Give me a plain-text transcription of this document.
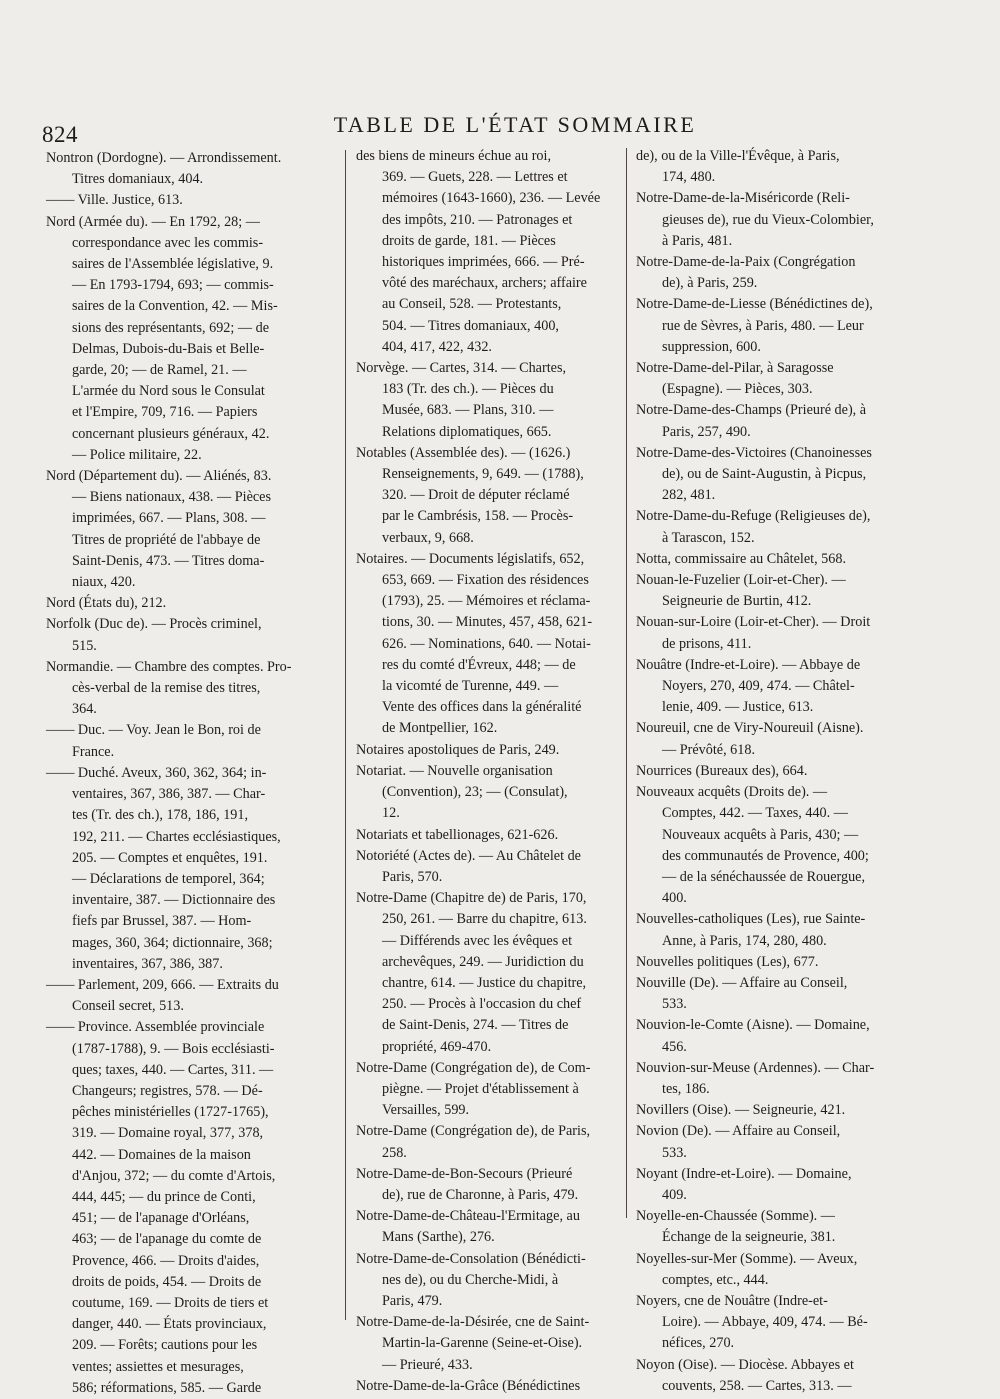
824	TABLE DE L'ÉTAT SOMMAIRE

Nontron (Dordogne). — Arrondissement.

Titres domaniaux, 404.

—— Ville. Justice, 613.

Nord (Armée du). — En 1792, 28; —

correspondance avec les commis-

saires de l'Assemblée législative, 9.

— En 1793-1794, 693; — commis-

saires de la Convention, 42. — Mis-

sions des représentants, 692; — de

Delmas, Dubois-du-Bais et Belle-

garde, 20; — de Ramel, 21. —

L'armée du Nord sous le Consulat

et l'Empire, 709, 716. — Papiers

concernant plusieurs généraux, 42.

— Police militaire, 22.

Nord (Département du). — Aliénés, 83.

— Biens nationaux, 438. — Pièces

imprimées, 667. — Plans, 308. —

Titres de propriété de l'abbaye de

Saint-Denis, 473. — Titres doma-

niaux, 420.

Nord (États du), 212.

Norfolk (Duc de). — Procès criminel,

515.

Normandie. — Chambre des comptes. Pro-

cès-verbal de la remise des titres,

364.

—— Duc. — Voy. Jean le Bon, roi de

France.

—— Duché. Aveux, 360, 362, 364; in-

ventaires, 367, 386, 387. — Char-

tes (Tr. des ch.), 178, 186, 191,

192, 211. — Chartes ecclésiastiques,

205. — Comptes et enquêtes, 191.

— Déclarations de temporel, 364;

inventaire, 387. — Dictionnaire des

fiefs par Brussel, 387. — Hom-

mages, 360, 364; dictionnaire, 368;

inventaires, 367, 386, 387.

—— Parlement, 209, 666. — Extraits du

Conseil secret, 513.

—— Province. Assemblée provinciale

(1787-1788), 9. — Bois ecclésiasti-

ques; taxes, 440. — Cartes, 311. —

Changeurs; registres, 578. — Dé-

pêches ministérielles (1727-1765),

319. — Domaine royal, 377, 378,

442. — Domaines de la maison

d'Anjou, 372; — du comte d'Artois,

444, 445; — du prince de Conti,

451; — de l'apanage d'Orléans,

463; — de l'apanage du comte de

Provence, 466. — Droits d'aides,

droits de poids, 454. — Droits de

coutume, 169. — Droits de tiers et

danger, 440. — États provinciaux,

209. — Forêts; cautions pour les

ventes; assiettes et mesurages,

586; réformations, 585. — Garde

des biens de mineurs échue au roi,

369. — Guets, 228. — Lettres et

mémoires (1643-1660), 236. — Levée

des impôts, 210. — Patronages et

droits de garde, 181. — Pièces

historiques imprimées, 666. — Pré-

vôté des maréchaux, archers; affaire

au Conseil, 528. — Protestants,

504. — Titres domaniaux, 400,

404, 417, 422, 432.

Norvège. — Cartes, 314. — Chartes,

183 (Tr. des ch.). — Pièces du

Musée, 683. — Plans, 310. —

Relations diplomatiques, 665.

Notables (Assemblée des). — (1626.)

Renseignements, 9, 649. — (1788),

320. — Droit de députer réclamé

par le Cambrésis, 158. — Procès-

verbaux, 9, 668.

Notaires. — Documents législatifs, 652,

653, 669. — Fixation des résidences

(1793), 25. — Mémoires et réclama-

tions, 30. — Minutes, 457, 458, 621-

626. — Nominations, 640. — Notai-

res du comté d'Évreux, 448; — de

la vicomté de Turenne, 449. —

Vente des offices dans la généralité

de Montpellier, 162.

Notaires apostoliques de Paris, 249.

Notariat. — Nouvelle organisation

(Convention), 23; — (Consulat),

12.

Notariats et tabellionages, 621-626.

Notoriété (Actes de). — Au Châtelet de

Paris, 570.

Notre-Dame (Chapitre de) de Paris, 170,

250, 261. — Barre du chapitre, 613.

— Différends avec les évêques et

archevêques, 249. — Juridiction du

chantre, 614. — Justice du chapitre,

250. — Procès à l'occasion du chef

de Saint-Denis, 274. — Titres de

propriété, 469-470.

Notre-Dame (Congrégation de), de Com-

piègne. — Projet d'établissement à

Versailles, 599.

Notre-Dame (Congrégation de), de Paris,

258.

Notre-Dame-de-Bon-Secours (Prieuré

de), rue de Charonne, à Paris, 479.

Notre-Dame-de-Château-l'Ermitage, au

Mans (Sarthe), 276.

Notre-Dame-de-Consolation (Bénédicti-

nes de), ou du Cherche-Midi, à

Paris, 479.

Notre-Dame-de-la-Désirée, cne de Saint-

Martin-la-Garenne (Seine-et-Oise).

— Prieuré, 433.

Notre-Dame-de-la-Grâce (Bénédictines

de), ou de la Ville-l'Évêque, à Paris,

174, 480.

Notre-Dame-de-la-Miséricorde (Reli-

gieuses de), rue du Vieux-Colombier,

à Paris, 481.

Notre-Dame-de-la-Paix (Congrégation

de), à Paris, 259.

Notre-Dame-de-Liesse (Bénédictines de),

rue de Sèvres, à Paris, 480. — Leur

suppression, 600.

Notre-Dame-del-Pilar, à Saragosse

(Espagne). — Pièces, 303.

Notre-Dame-des-Champs (Prieuré de), à

Paris, 257, 490.

Notre-Dame-des-Victoires (Chanoinesses

de), ou de Saint-Augustin, à Picpus,

282, 481.

Notre-Dame-du-Refuge (Religieuses de),

à Tarascon, 152.

Notta, commissaire au Châtelet, 568.

Nouan-le-Fuzelier (Loir-et-Cher). —

Seigneurie de Burtin, 412.

Nouan-sur-Loire (Loir-et-Cher). — Droit

de prisons, 411.

Nouâtre (Indre-et-Loire). — Abbaye de

Noyers, 270, 409, 474. — Châtel-

lenie, 409. — Justice, 613.

Noureuil, cne de Viry-Noureuil (Aisne).

— Prévôté, 618.

Nourrices (Bureaux des), 664.

Nouveaux acquêts (Droits de). —

Comptes, 442. — Taxes, 440. —

Nouveaux acquêts à Paris, 430; —

des communautés de Provence, 400;

— de la sénéchaussée de Rouergue,

400.

Nouvelles-catholiques (Les), rue Sainte-

Anne, à Paris, 174, 280, 480.

Nouvelles politiques (Les), 677.

Nouville (De). — Affaire au Conseil,

533.

Nouvion-le-Comte (Aisne). — Domaine,

456.

Nouvion-sur-Meuse (Ardennes). — Char-

tes, 186.

Novillers (Oise). — Seigneurie, 421.

Novion (De). — Affaire au Conseil,

533.

Noyant (Indre-et-Loire). — Domaine,

409.

Noyelle-en-Chaussée (Somme). —

Échange de la seigneurie, 381.

Noyelles-sur-Mer (Somme). — Aveux,

comptes, etc., 444.

Noyers, cne de Nouâtre (Indre-et-

Loire). — Abbaye, 409, 474. — Bé-

néfices, 270.

Noyon (Oise). — Diocèse. Abbayes et

couvents, 258. — Cartes, 313. —
